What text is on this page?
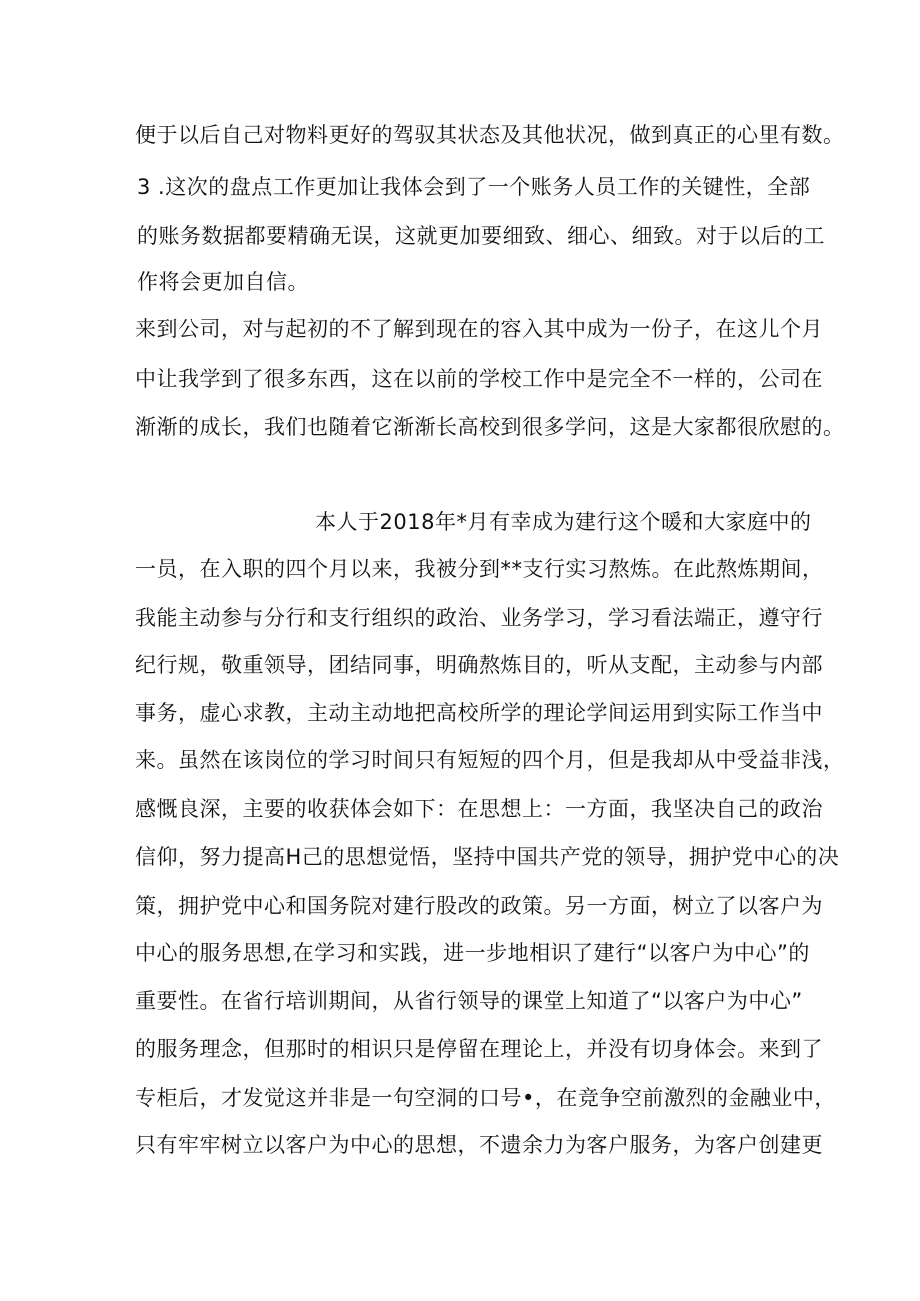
便于以后自己对物料更好的驾驭其状态及其他状况，做到真正的心里有数。
3 .这次的盘点工作更加让我体会到了一个账务人员工作的关键性，全部
的账务数据都要精确无误，这就更加要细致、细心、细致。对于以后的工
作将会更加自信。
来到公司，对与起初的不了解到现在的容入其中成为一份子，在这儿个月
中让我学到了很多东西，这在以前的学校工作中是完全不一样的，公司在
渐渐的成长，我们也随着它渐渐长高校到很多学问，这是大家都很欣慰的。
本人于2018年*月有幸成为建行这个暖和大家庭中的
一员，在入职的四个月以来，我被分到**支行实习熬炼。在此熬炼期间，
我能主动参与分行和支行组织的政治、业务学习，学习看法端正，遵守行
纪行规，敬重领导，团结同事，明确熬炼目的，听从支配，主动参与内部
事务，虚心求教，主动主动地把高校所学的理论学间运用到实际工作当中
来。虽然在该岗位的学习时间只有短短的四个月，但是我却从中受益非浅，
感慨良深，主要的收获体会如下：在思想上：一方面，我坚决自己的政治
信仰，努力提高H己的思想觉悟，坚持中国共产党的领导，拥护党中心的决
策，拥护党中心和国务院对建行股改的政策。另一方面，树立了以客户为
中心的服务思想,在学习和实践，进一步地相识了建行“以客户为中心”的
重要性。在省行培训期间，从省行领导的课堂上知道了“以客户为中心”
的服务理念，但那时的相识只是停留在理论上，并没有切身体会。来到了
专柜后，才发觉这并非是一句空洞的口号•，在竞争空前激烈的金融业中，
只有牢牢树立以客户为中心的思想，不遗余力为客户服务，为客户创建更
